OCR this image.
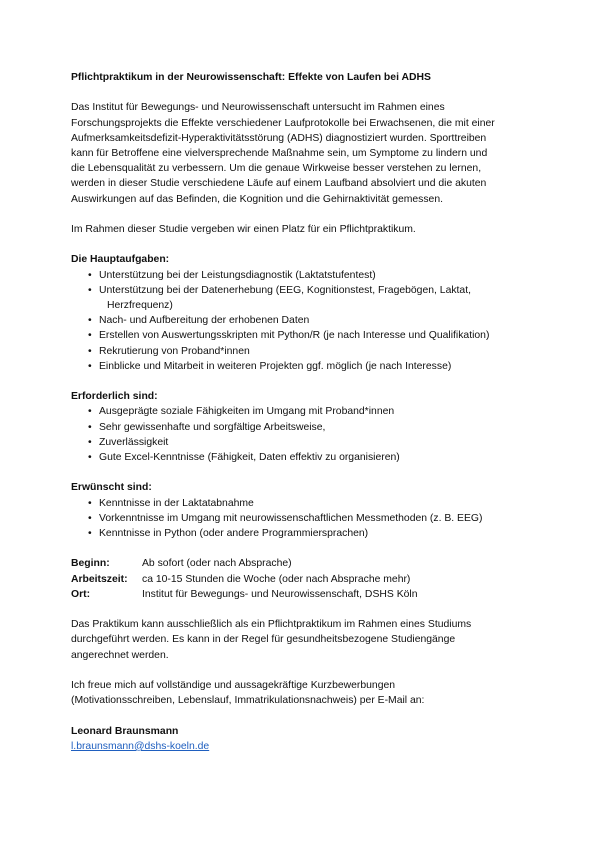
Pflichtpraktikum in der Neurowissenschaft: Effekte von Laufen bei ADHS

Das Institut für Bewegungs- und Neurowissenschaft untersucht im Rahmen eines

Forschungsprojekts die Effekte verschiedener Laufprotokolle bei Erwachsenen, die mit einer

Aufmerksamkeitsdefizit-Hyperaktivitätsstörung (ADHS) diagnostiziert wurden. Sporttreiben

kann für Betroffene eine vielversprechende Maßnahme sein, um Symptome zu lindern und

die Lebensqualität zu verbessern. Um die genaue Wirkweise besser verstehen zu lernen,

werden in dieser Studie verschiedene Läufe auf einem Laufband absolviert und die akuten

Auswirkungen auf das Befinden, die Kognition und die Gehirnaktivität gemessen.

Im Rahmen dieser Studie vergeben wir einen Platz für ein Pflichtpraktikum.

Die Hauptaufgaben:

• Unterstützung bei der Leistungsdiagnostik (Laktatstufentest)
• Unterstützung bei der Datenerhebung (EEG, Kognitionstest, Fragebögen, Laktat,
Herzfrequenz)
• Nach- und Aufbereitung der erhobenen Daten
• Erstellen von Auswertungsskripten mit Python/R (je nach Interesse und Qualifikation)
• Rekrutierung von Proband*innen
• Einblicke und Mitarbeit in weiteren Projekten ggf. möglich (je nach Interesse)

Erforderlich sind:

• Ausgeprägte soziale Fähigkeiten im Umgang mit Proband*innen
• Sehr gewissenhafte und sorgfältige Arbeitsweise,
• Zuverlässigkeit
• Gute Excel-Kenntnisse (Fähigkeit, Daten effektiv zu organisieren)

Erwünscht sind:

• Kenntnisse in der Laktatabnahme
• Vorkenntnisse im Umgang mit neurowissenschaftlichen Messmethoden (z. B. EEG)
• Kenntnisse in Python (oder andere Programmiersprachen)
Beginn:	Ab sofort (oder nach Absprache)
Arbeitszeit:	ca 10-15 Stunden die Woche (oder nach Absprache mehr)
Ort:	Institut für Bewegungs- und Neurowissenschaft, DSHS Köln

Das Praktikum kann ausschließlich als ein Pflichtpraktikum im Rahmen eines Studiums

durchgeführt werden. Es kann in der Regel für gesundheitsbezogene Studiengänge

angerechnet werden.

Ich freue mich auf vollständige und aussagekräftige Kurzbewerbungen

(Motivationsschreiben, Lebenslauf, Immatrikulationsnachweis) per E-Mail an:

Leonard Braunsmann

l.braunsmann@dshs-koeln.de
